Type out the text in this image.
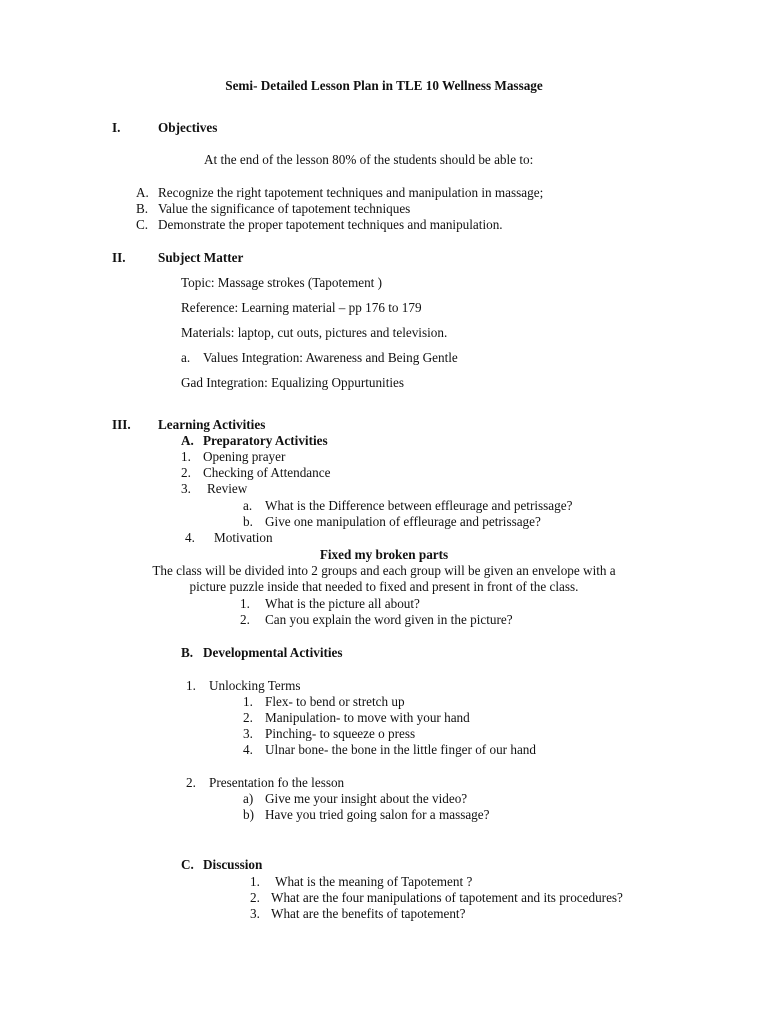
Semi- Detailed Lesson Plan in TLE 10 Wellness Massage
I.	Objectives
At the end of the lesson 80% of the students should be able to:
A. Recognize the right tapotement techniques and manipulation in massage;
B. Value the significance of tapotement techniques
C. Demonstrate the proper tapotement techniques and manipulation.
II. Subject Matter
Topic: Massage strokes (Tapotement )
Reference: Learning material – pp 176 to 179
Materials: laptop, cut outs, pictures and television.
a. Values Integration: Awareness and Being Gentle
Gad Integration: Equalizing Oppurtunities
III. Learning Activities
A. Preparatory Activities
1. Opening prayer
2. Checking of Attendance
3. Review
a. What is the Difference between effleurage and petrissage?
b. Give one manipulation of effleurage and petrissage?
4. Motivation
Fixed my broken parts
The class will be divided into 2 groups and each group will be given an envelope with a
picture puzzle inside that needed to fixed and present in front of the class.
1. What is the picture all about?
2. Can you explain the word given in the picture?
B. Developmental Activities
1. Unlocking Terms
1. Flex- to bend or stretch up
2. Manipulation- to move with your hand
3. Pinching- to squeeze o press
4. Ulnar bone- the bone in the little finger of our hand
2. Presentation fo the lesson
a) Give me your insight about the video?
b) Have you tried going salon for a massage?
C. Discussion
1. What is the meaning of Tapotement ?
2. What are the four manipulations of tapotement and its procedures?
3. What are the benefits of tapotement?
